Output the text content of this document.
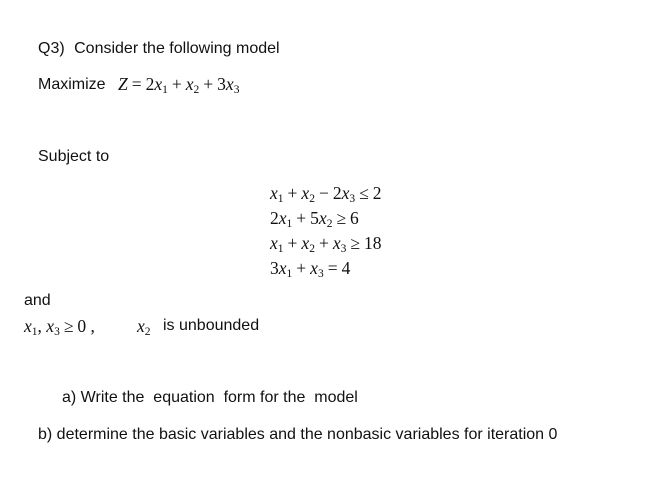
Q3) Consider the following model
Maximize $Z = 2x_1 + x_2 + 3x_3$
Subject to
$x_1 + x_2 - 2x_3 \le 2$
$2x_1 + 5x_2 \ge 6$
$x_1 + x_2 + x_3 \ge 18$
$3x_1 + x_3 = 4$
and
$x_1$, $x_3 \ge 0$ , $x_2$ is unbounded
a) Write the  equation  form for the  model
b) determine the basic variables and the nonbasic variables for iteration 0
